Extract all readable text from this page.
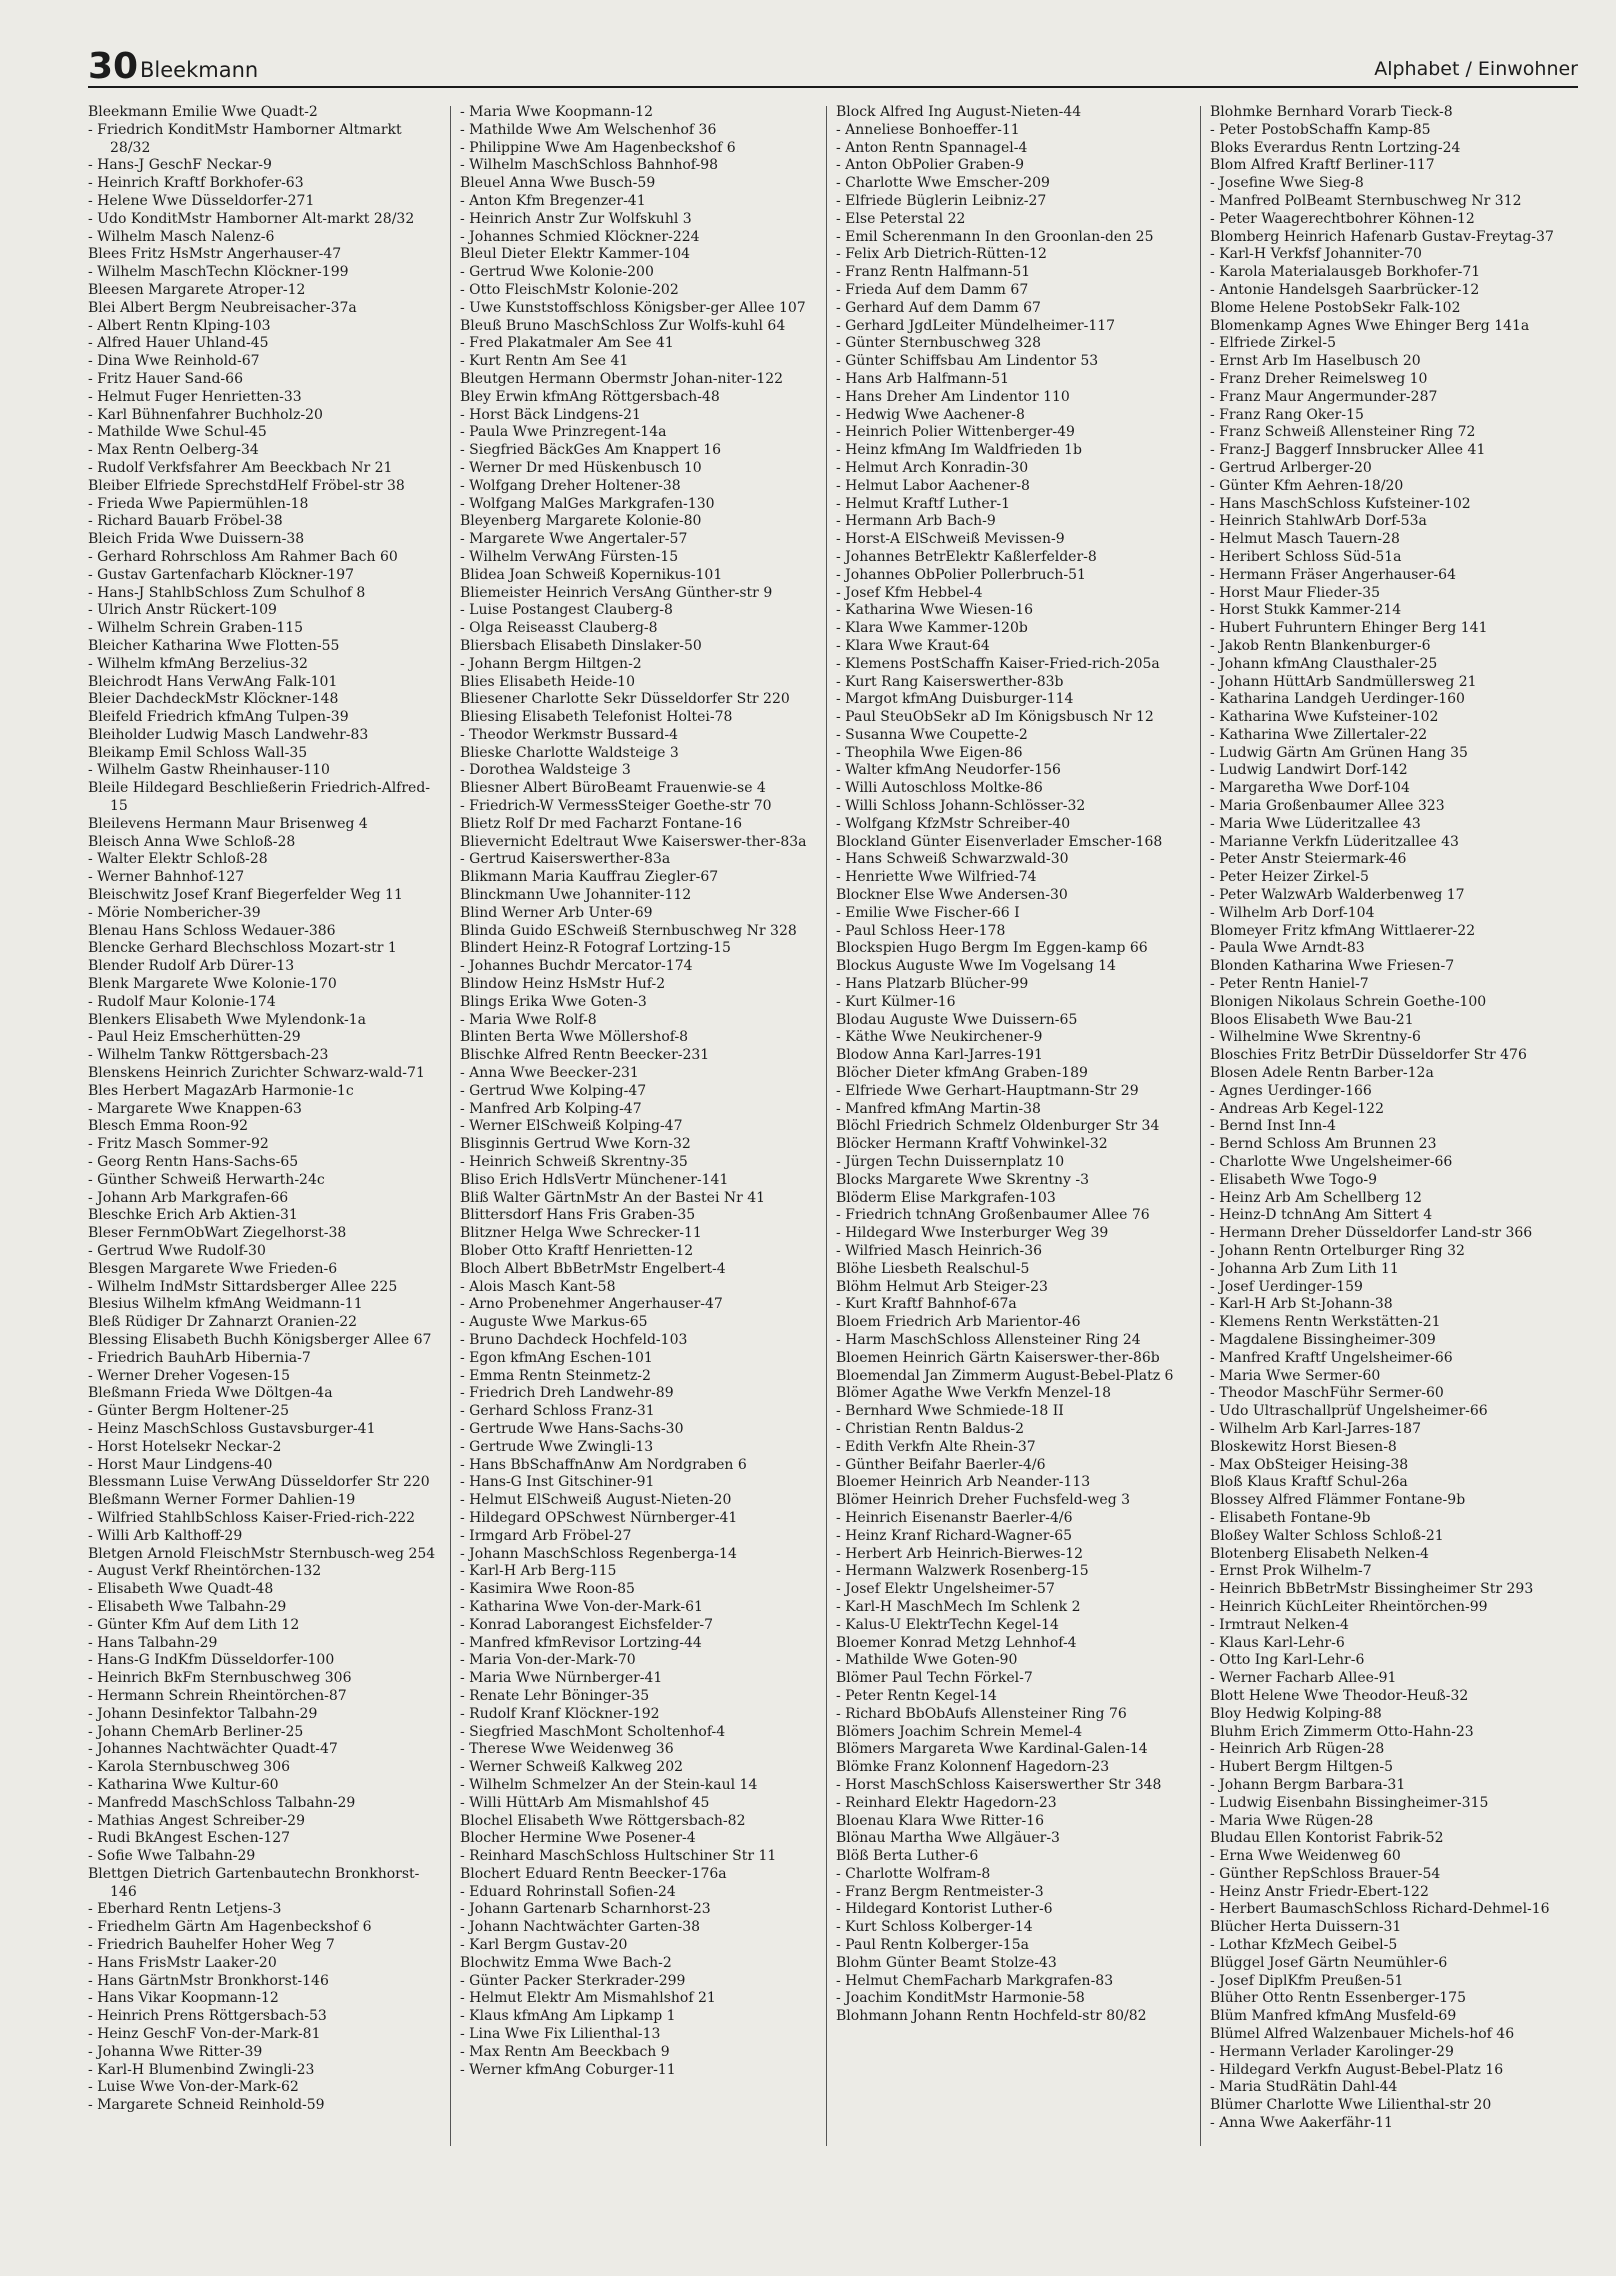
30 Bleekmann	Alphabet / Einwohner
Bleekmann Emilie Wwe Quadt-2
- Friedrich KonditMstr Hamborner Altmarkt 28/32
- Hans-J GeschF Neckar-9
- Heinrich Kraftf Borkhofer-63
- Helene Wwe Düsseldorfer-271
- Udo KonditMstr Hamborner Alt-markt 28/32
- Wilhelm Masch Nalenz-6
Blees Fritz HsMstr Angerhauser-47
- Wilhelm MaschTechn Klöckner-199
Bleesen Margarete Atroper-12
Blei Albert Bergm Neubreisacher-37a
- Albert Rentn Klping-103
- Alfred Hauer Uhland-45
- Dina Wwe Reinhold-67
- Fritz Hauer Sand-66
- Helmut Fuger Henrietten-33
- Karl Bühnenfahrer Buchholz-20
- Mathilde Wwe Schul-45
- Max Rentn Oelberg-34
- Rudolf Verkfsfahrer Am Beeckbach Nr 21
Bleiber Elfriede SprechstdHelf Fröbel-str 38
- Frieda Wwe Papiermühlen-18
- Richard Bauarb Fröbel-38
Bleich Frida Wwe Duissern-38
- Gerhard Rohrschloss Am Rahmer Bach 60
- Gustav Gartenfacharb Klöckner-197
- Hans-J StahlbSchloss Zum Schulhof 8
- Ulrich Anstr Rückert-109
- Wilhelm Schrein Graben-115
Bleicher Katharina Wwe Flotten-55
- Wilhelm kfmAng Berzelius-32
Bleichrodt Hans VerwAng Falk-101
Bleier DachdeckMstr Klöckner-148
Bleifeld Friedrich kfmAng Tulpen-39
Bleiholder Ludwig Masch Landwehr-83
Bleikamp Emil Schloss Wall-35
- Wilhelm Gastw Rheinhauser-110
Bleile Hildegard Beschließerin Friedrich-Alfred-15
Bleilevens Hermann Maur Brisenweg 4
Bleisch Anna Wwe Schloß-28
- Walter Elektr Schloß-28
- Werner Bahnhof-127
Bleischwitz Josef Kranf Biegerfelder Weg 11
- Mörie Nombericher-39
Blenau Hans Schloss Wedauer-386
Blencke Gerhard Blechschloss Mozart-str 1
Blender Rudolf Arb Dürer-13
Blenk Margarete Wwe Kolonie-170
- Rudolf Maur Kolonie-174
Blenkers Elisabeth Wwe Mylendonk-1a
- Paul Heiz Emscherhütten-29
- Wilhelm Tankw Röttgersbach-23
Blenskens Heinrich Zurichter Schwarz-wald-71
Bles Herbert MagazArb Harmonie-1c
- Margarete Wwe Knappen-63
Blesch Emma Roon-92
- Fritz Masch Sommer-92
- Georg Rentn Hans-Sachs-65
- Günther Schweiß Herwarth-24c
- Johann Arb Markgrafen-66
Bleschke Erich Arb Aktien-31
Bleser FernmObWart Ziegelhorst-38
- Gertrud Wwe Rudolf-30
Blesgen Margarete Wwe Frieden-6
- Wilhelm IndMstr Sittardsberger Allee 225
Blesius Wilhelm kfmAng Weidmann-11
Bleß Rüdiger Dr Zahnarzt Oranien-22
Blessing Elisabeth Buchh Königsberger Allee 67
- Friedrich BauhArb Hibernia-7
- Werner Dreher Vogesen-15
Bleßmann Frieda Wwe Döltgen-4a
- Günter Bergm Holtener-25
- Heinz MaschSchloss Gustavsburger-41
- Horst Hotelsekr Neckar-2
- Horst Maur Lindgens-40
Blessmann Luise VerwAng Düsseldorfer Str 220
Bleßmann Werner Former Dahlien-19
- Wilfried StahlbSchloss Kaiser-Fried-rich-222
- Willi Arb Kalthoff-29
Bletgen Arnold FleischMstr Sternbusch-weg 254
- August Verkf Rheintörchen-132
- Elisabeth Wwe Quadt-48
- Elisabeth Wwe Talbahn-29
- Günter Kfm Auf dem Lith 12
- Hans Talbahn-29
- Hans-G IndKfm Düsseldorfer-100
- Heinrich BkFm Sternbuschweg 306
- Hermann Schrein Rheintörchen-87
- Johann Desinfektor Talbahn-29
- Johann ChemArb Berliner-25
- Johannes Nachtwächter Quadt-47
- Karola Sternbuschweg 306
- Katharina Wwe Kultur-60
- Manfredd MaschSchloss Talbahn-29
- Mathias Angest Schreiber-29
- Rudi BkAngest Eschen-127
- Sofie Wwe Talbahn-29
Blettgen Dietrich Gartenbautechn Bronkhorst-146
- Eberhard Rentn Letjens-3
- Friedhelm Gärtn Am Hagenbeckshof 6
- Friedrich Bauhelfer Hoher Weg 7
- Hans FrisMstr Laaker-20
- Hans GärtnMstr Bronkhorst-146
- Hans Vikar Koopmann-12
- Heinrich Prens Röttgersbach-53
- Heinz GeschF Von-der-Mark-81
- Johanna Wwe Ritter-39
- Karl-H Blumenbind Zwingli-23
- Luise Wwe Von-der-Mark-62
- Margarete Schneid Reinhold-59
- Maria Wwe Koopmann-12
- Mathilde Wwe Am Welschenhof 36
- Philippine Wwe Am Hagenbeckshof 6
- Wilhelm MaschSchloss Bahnhof-98
Bleuel Anna Wwe Busch-59
- Anton Kfm Bregenzer-41
- Heinrich Anstr Zur Wolfskuhl 3
- Johannes Schmied Klöckner-224
Bleul Dieter Elektr Kammer-104
- Gertrud Wwe Kolonie-200
- Otto FleischMstr Kolonie-202
- Uwe Kunststoffschloss Königsber-ger Allee 107
Bleuß Bruno MaschSchloss Zur Wolfs-kuhl 64
- Fred Plakatmaler Am See 41
- Kurt Rentn Am See 41
Bleutgen Hermann Obermstr Johan-niter-122
Bley Erwin kfmAng Röttgersbach-48
- Horst Bäck Lindgens-21
- Paula Wwe Prinzregent-14a
- Siegfried BäckGes Am Knappert 16
- Werner Dr med Hüskenbusch 10
- Wolfgang Dreher Holtener-38
- Wolfgang MalGes Markgrafen-130
Bleyenberg Margarete Kolonie-80
- Margarete Wwe Angertaler-57
- Wilhelm VerwAng Fürsten-15
Blidea Joan Schweiß Kopernikus-101
Bliemeister Heinrich VersAng Günther-str 9
- Luise Postangest Clauberg-8
- Olga Reiseasst Clauberg-8
Bliersbach Elisabeth Dinslaker-50
- Johann Bergm Hiltgen-2
Blies Elisabeth Heide-10
Bliesener Charlotte Sekr Düsseldorfer Str 220
Bliesing Elisabeth Telefonist Holtei-78
- Theodor Werkmstr Bussard-4
Blieske Charlotte Waldsteige 3
- Dorothea Waldsteige 3
Bliesner Albert BüroBeamt Frauenwie-se 4
- Friedrich-W VermessSteiger Goethe-str 70
Blietz Rolf Dr med Facharzt Fontane-16
Blievernicht Edeltraut Wwe Kaiserswer-ther-83a
- Gertrud Kaiserswerther-83a
Blikmann Maria Kauffrau Ziegler-67
Blinckmann Uwe Johanniter-112
Blind Werner Arb Unter-69
Blinda Guido ESchweiß Sternbuschweg Nr 328
Blindert Heinz-R Fotograf Lortzing-15
- Johannes Buchdr Mercator-174
Blindow Heinz HsMstr Huf-2
Blings Erika Wwe Goten-3
- Maria Wwe Rolf-8
Blinten Berta Wwe Möllershof-8
Blischke Alfred Rentn Beecker-231
- Anna Wwe Beecker-231
- Gertrud Wwe Kolping-47
- Manfred Arb Kolping-47
- Werner ElSchweiß Kolping-47
Blisginnis Gertrud Wwe Korn-32
- Heinrich Schweiß Skrentny-35
Bliso Erich HdlsVertr Münchener-141
Bliß Walter GärtnMstr An der Bastei Nr 41
Blittersdorf Hans Fris Graben-35
Blitzner Helga Wwe Schrecker-11
Blober Otto Kraftf Henrietten-12
Bloch Albert BbBetrMstr Engelbert-4
- Alois Masch Kant-58
- Arno Probenehmer Angerhauser-47
- Auguste Wwe Markus-65
- Bruno Dachdeck Hochfeld-103
- Egon kfmAng Eschen-101
- Emma Rentn Steinmetz-2
- Friedrich Dreh Landwehr-89
- Gerhard Schloss Franz-31
- Gertrude Wwe Hans-Sachs-30
- Gertrude Wwe Zwingli-13
- Hans BbSchaffnAnw Am Nordgraben 6
- Hans-G Inst Gitschiner-91
- Helmut ElSchweiß August-Nieten-20
- Hildegard OPSchwest Nürnberger-41
- Irmgard Arb Fröbel-27
- Johann MaschSchloss Regenberga-14
- Karl-H Arb Berg-115
- Kasimira Wwe Roon-85
- Katharina Wwe Von-der-Mark-61
- Konrad Laborangest Eichsfelder-7
- Manfred kfmRevisor Lortzing-44
- Maria Von-der-Mark-70
- Maria Wwe Nürnberger-41
- Renate Lehr Böninger-35
- Rudolf Kranf Klöckner-192
- Siegfried MaschMont Scholtenhof-4
- Therese Wwe Weidenweg 36
- Werner Schweiß Kalkweg 202
- Wilhelm Schmelzer An der Stein-kaul 14
- Willi HüttArb Am Mismahlshof 45
Blochel Elisabeth Wwe Röttgersbach-82
Blocher Hermine Wwe Posener-4
- Reinhard MaschSchloss Hultschiner Str 11
Blochert Eduard Rentn Beecker-176a
- Eduard Rohrinstall Sofien-24
- Johann Gartenarb Scharnhorst-23
- Johann Nachtwächter Garten-38
- Karl Bergm Gustav-20
Blochwitz Emma Wwe Bach-2
- Günter Packer Sterkrader-299
- Helmut Elektr Am Mismahlshof 21
- Klaus kfmAng Am Lipkamp 1
- Lina Wwe Fix Lilienthal-13
- Max Rentn Am Beeckbach 9
- Werner kfmAng Coburger-11
Block Alfred Ing August-Nieten-44
- Anneliese Bonhoeffer-11
- Anton Rentn Spannagel-4
- Anton ObPolier Graben-9
- Charlotte Wwe Emscher-209
- Elfriede Büglerin Leibniz-27
- Else Peterstal 22
- Emil Scherenmann In den Groonlan-den 25
- Felix Arb Dietrich-Rütten-12
- Franz Rentn Halfmann-51
- Frieda Auf dem Damm 67
- Gerhard Auf dem Damm 67
- Gerhard JgdLeiter Mündelheimer-117
- Günter Sternbuschweg 328
- Günter Schiffsbau Am Lindentor 53
- Hans Arb Halfmann-51
- Hans Dreher Am Lindentor 110
- Hedwig Wwe Aachener-8
- Heinrich Polier Wittenberger-49
- Heinz kfmAng Im Waldfrieden 1b
- Helmut Arch Konradin-30
- Helmut Labor Aachener-8
- Helmut Kraftf Luther-1
- Hermann Arb Bach-9
- Horst-A ElSchweiß Mevissen-9
- Johannes BetrElektr Kaßlerfelder-8
- Johannes ObPolier Pollerbruch-51
- Josef Kfm Hebbel-4
- Katharina Wwe Wiesen-16
- Klara Wwe Kammer-120b
- Klara Wwe Kraut-64
- Klemens PostSchaffn Kaiser-Fried-rich-205a
- Kurt Rang Kaiserswerther-83b
- Margot kfmAng Duisburger-114
- Paul SteuObSekr aD Im Königsbusch Nr 12
- Susanna Wwe Coupette-2
- Theophila Wwe Eigen-86
- Walter kfmAng Neudorfer-156
- Willi Autoschloss Moltke-86
- Willi Schloss Johann-Schlösser-32
- Wolfgang KfzMstr Schreiber-40
Blockland Günter Eisenverlader Emscher-168
- Hans Schweiß Schwarzwald-30
- Henriette Wwe Wilfried-74
Blockner Else Wwe Andersen-30
- Emilie Wwe Fischer-66 I
- Paul Schloss Heer-178
Blockspien Hugo Bergm Im Eggen-kamp 66
Blockus Auguste Wwe Im Vogelsang 14
- Hans Platzarb Blücher-99
- Kurt Külmer-16
Blodau Auguste Wwe Duissern-65
- Käthe Wwe Neukirchener-9
Blodow Anna Karl-Jarres-191
Blöcher Dieter kfmAng Graben-189
- Elfriede Wwe Gerhart-Hauptmann-Str 29
- Manfred kfmAng Martin-38
Blöchl Friedrich Schmelz Oldenburger Str 34
Blöcker Hermann Kraftf Vohwinkel-32
- Jürgen Techn Duissernplatz 10
Blocks Margarete Wwe Skrentny -3
Blöderm Elise Markgrafen-103
- Friedrich tchnAng Großenbaumer Allee 76
- Hildegard Wwe Insterburger Weg 39
- Wilfried Masch Heinrich-36
Blöhe Liesbeth Realschul-5
Blöhm Helmut Arb Steiger-23
- Kurt Kraftf Bahnhof-67a
Bloem Friedrich Arb Marientor-46
- Harm MaschSchloss Allensteiner Ring 24
Bloemen Heinrich Gärtn Kaiserswer-ther-86b
Bloemendal Jan Zimmerm August-Bebel-Platz 6
Blömer Agathe Wwe Verkfn Menzel-18
- Bernhard Wwe Schmiede-18 II
- Christian Rentn Baldus-2
- Edith Verkfn Alte Rhein-37
- Günther Beifahr Baerler-4/6
Bloemer Heinrich Arb Neander-113
Blömer Heinrich Dreher Fuchsfeld-weg 3
- Heinrich Eisenanstr Baerler-4/6
- Heinz Kranf Richard-Wagner-65
- Herbert Arb Heinrich-Bierwes-12
- Hermann Walzwerk Rosenberg-15
- Josef Elektr Ungelsheimer-57
- Karl-H MaschMech Im Schlenk 2
- Kalus-U ElektrTechn Kegel-14
Bloemer Konrad Metzg Lehnhof-4
- Mathilde Wwe Goten-90
Blömer Paul Techn Förkel-7
- Peter Rentn Kegel-14
- Richard BbObAufs Allensteiner Ring 76
Blömers Joachim Schrein Memel-4
Blömers Margareta Wwe Kardinal-Galen-14
Blömke Franz Kolonnenf Hagedorn-23
- Horst MaschSchloss Kaiserswerther Str 348
- Reinhard Elektr Hagedorn-23
Bloenau Klara Wwe Ritter-16
Blönau Martha Wwe Allgäuer-3
Blöß Berta Luther-6
- Charlotte Wolfram-8
- Franz Bergm Rentmeister-3
- Hildegard Kontorist Luther-6
- Kurt Schloss Kolberger-14
- Paul Rentn Kolberger-15a
Blohm Günter Beamt Stolze-43
- Helmut ChemFacharb Markgrafen-83
- Joachim KonditMstr Harmonie-58
Blohmann Johann Rentn Hochfeld-str 80/82
Blohmke Bernhard Vorarb Tieck-8
- Peter PostobSchaffn Kamp-85
Bloks Everardus Rentn Lortzing-24
Blom Alfred Kraftf Berliner-117
- Josefine Wwe Sieg-8
- Manfred PolBeamt Sternbuschweg Nr 312
- Peter Waagerechtbohrer Köhnen-12
Blomberg Heinrich Hafenarb Gustav-Freytag-37
- Karl-H Verkfsf Johanniter-70
- Karola Materialausgeb Borkhofer-71
- Antonie Handelsgeh Saarbrücker-12
Blome Helene PostobSekr Falk-102
Blomenkamp Agnes Wwe Ehinger Berg 141a
- Elfriede Zirkel-5
- Ernst Arb Im Haselbusch 20
- Franz Dreher Reimelsweg 10
- Franz Maur Angermunder-287
- Franz Rang Oker-15
- Franz Schweiß Allensteiner Ring 72
- Franz-J Baggerf Innsbrucker Allee 41
- Gertrud Arlberger-20
- Günter Kfm Aehren-18/20
- Hans MaschSchloss Kufsteiner-102
- Heinrich StahlwArb Dorf-53a
- Helmut Masch Tauern-28
- Heribert Schloss Süd-51a
- Hermann Fräser Angerhauser-64
- Horst Maur Flieder-35
- Horst Stukk Kammer-214
- Hubert Fuhruntern Ehinger Berg 141
- Jakob Rentn Blankenburger-6
- Johann kfmAng Clausthaler-25
- Johann HüttArb Sandmüllersweg 21
- Katharina Landgeh Uerdinger-160
- Katharina Wwe Kufsteiner-102
- Katharina Wwe Zillertaler-22
- Ludwig Gärtn Am Grünen Hang 35
- Ludwig Landwirt Dorf-142
- Margaretha Wwe Dorf-104
- Maria Großenbaumer Allee 323
- Maria Wwe Lüderitzallee 43
- Marianne Verkfn Lüderitzallee 43
- Peter Anstr Steiermark-46
- Peter Heizer Zirkel-5
- Peter WalzwArb Walderbenweg 17
- Wilhelm Arb Dorf-104
Blomeyer Fritz kfmAng Wittlaerer-22
- Paula Wwe Arndt-83
Blonden Katharina Wwe Friesen-7
- Peter Rentn Haniel-7
Blonigen Nikolaus Schrein Goethe-100
Bloos Elisabeth Wwe Bau-21
- Wilhelmine Wwe Skrentny-6
Bloschies Fritz BetrDir Düsseldorfer Str 476
Blosen Adele Rentn Barber-12a
- Agnes Uerdinger-166
- Andreas Arb Kegel-122
- Bernd Inst Inn-4
- Bernd Schloss Am Brunnen 23
- Charlotte Wwe Ungelsheimer-66
- Elisabeth Wwe Togo-9
- Heinz Arb Am Schellberg 12
- Heinz-D tchnAng Am Sittert 4
- Hermann Dreher Düsseldorfer Land-str 366
- Johann Rentn Ortelburger Ring 32
- Johanna Arb Zum Lith 11
- Josef Uerdinger-159
- Karl-H Arb St-Johann-38
- Klemens Rentn Werkstätten-21
- Magdalene Bissingheimer-309
- Manfred Kraftf Ungelsheimer-66
- Maria Wwe Sermer-60
- Theodor MaschFühr Sermer-60
- Udo Ultraschallprüf Ungelsheimer-66
- Wilhelm Arb Karl-Jarres-187
Bloskewitz Horst Biesen-8
- Max ObSteiger Heising-38
Bloß Klaus Kraftf Schul-26a
Blossey Alfred Flämmer Fontane-9b
- Elisabeth Fontane-9b
Bloßey Walter Schloss Schloß-21
Blotenberg Elisabeth Nelken-4
- Ernst Prok Wilhelm-7
- Heinrich BbBetrMstr Bissingheimer Str 293
- Heinrich KüchLeiter Rheintörchen-99
- Irmtraut Nelken-4
- Klaus Karl-Lehr-6
- Otto Ing Karl-Lehr-6
- Werner Facharb Allee-91
Blott Helene Wwe Theodor-Heuß-32
Bloy Hedwig Kolping-88
Bluhm Erich Zimmerm Otto-Hahn-23
- Heinrich Arb Rügen-28
- Hubert Bergm Hiltgen-5
- Johann Bergm Barbara-31
- Ludwig Eisenbahn Bissingheimer-315
- Maria Wwe Rügen-28
Bludau Ellen Kontorist Fabrik-52
- Erna Wwe Weidenweg 60
- Günther RepSchloss Brauer-54
- Heinz Anstr Friedr-Ebert-122
- Herbert BaumaschSchloss Richard-Dehmel-16
Blücher Herta Duissern-31
- Lothar KfzMech Geibel-5
Blüggel Josef Gärtn Neumühler-6
- Josef DiplKfm Preußen-51
Blüher Otto Rentn Essenberger-175
Blüm Manfred kfmAng Musfeld-69
Blümel Alfred Walzenbauer Michels-hof 46
- Hermann Verlader Karolinger-29
- Hildegard Verkfn August-Bebel-Platz 16
- Maria StudRätin Dahl-44
Blümer Charlotte Wwe Lilienthal-str 20
- Anna Wwe Aakerfähr-11
